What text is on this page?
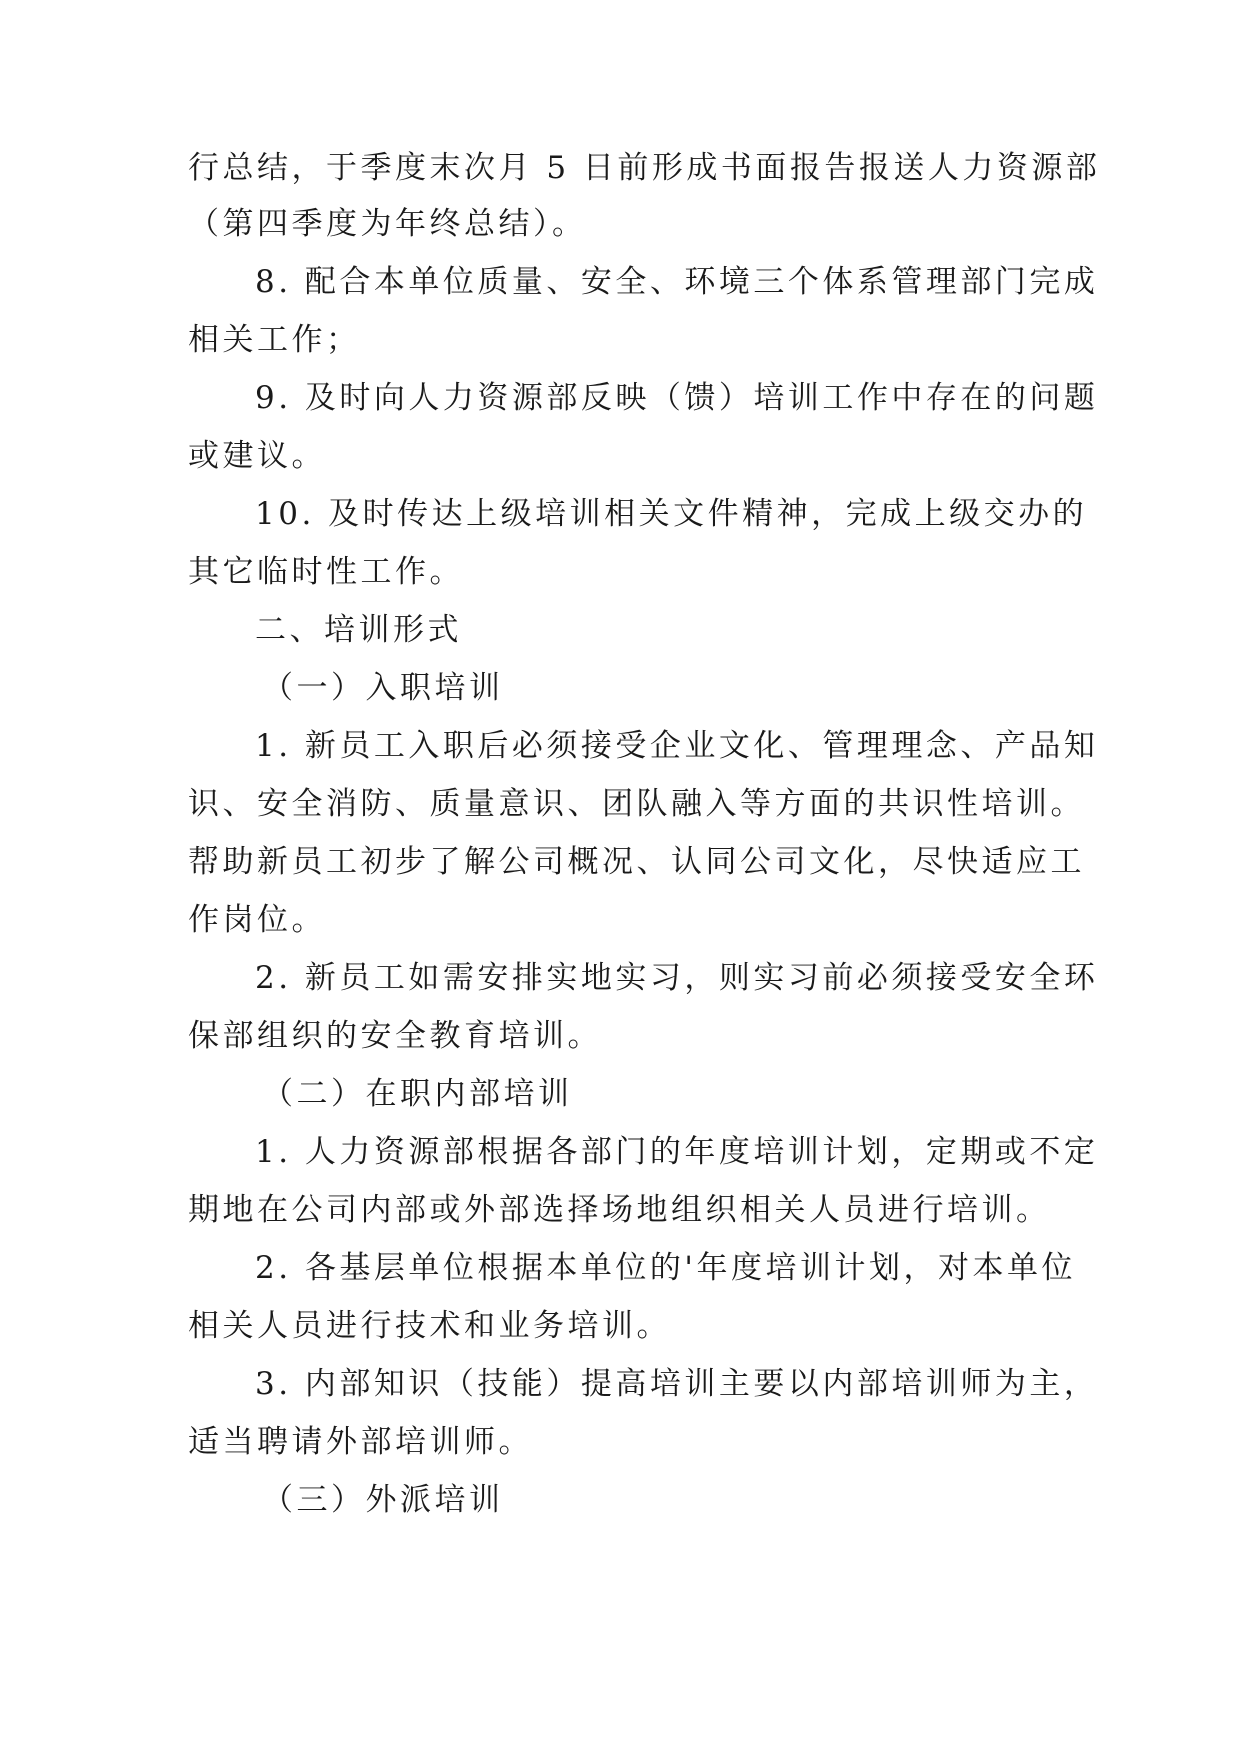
行总结，于季度末次月 5 日前形成书面报告报送人力资源部
（第四季度为年终总结）。
8. 配合本单位质量、安全、环境三个体系管理部门完成
相关工作；
9. 及时向人力资源部反映（馈）培训工作中存在的问题
或建议。
10. 及时传达上级培训相关文件精神，完成上级交办的
其它临时性工作。
二、培训形式
（一）入职培训
1. 新员工入职后必须接受企业文化、管理理念、产品知
识、安全消防、质量意识、团队融入等方面的共识性培训。
帮助新员工初步了解公司概况、认同公司文化，尽快适应工
作岗位。
2. 新员工如需安排实地实习，则实习前必须接受安全环
保部组织的安全教育培训。
（二）在职内部培训
1. 人力资源部根据各部门的年度培训计划，定期或不定
期地在公司内部或外部选择场地组织相关人员进行培训。
2. 各基层单位根据本单位的'年度培训计划，对本单位
相关人员进行技术和业务培训。
3. 内部知识（技能）提高培训主要以内部培训师为主，
适当聘请外部培训师。
（三）外派培训
